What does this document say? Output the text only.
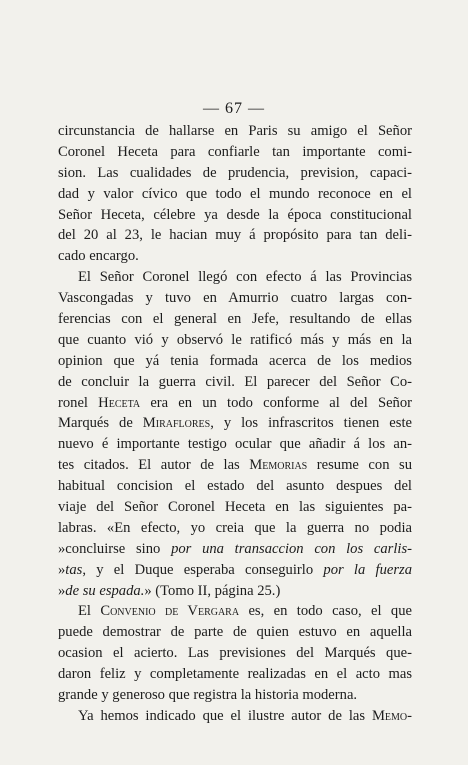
— 67 —
circunstancia de hallarse en Paris su amigo el Señor
Coronel Heceta para confiarle tan importante comi-
sion. Las cualidades de prudencia, prevision, capaci-
dad y valor cívico que todo el mundo reconoce en el
Señor Heceta, célebre ya desde la época constitucional
del 20 al 23, le hacian muy á propósito para tan deli-
cado encargo.
El Señor Coronel llegó con efecto á las Provincias
Vascongadas y tuvo en Amurrio cuatro largas con-
ferencias con el general en Jefe, resultando de ellas
que cuanto vió y observó le ratificó más y más en la
opinion que yá tenia formada acerca de los medios
de concluir la guerra civil. El parecer del Señor Co-
ronel Heceta era en un todo conforme al del Señor
Marqués de Miraflores, y los infrascritos tienen este
nuevo é importante testigo ocular que añadir á los an-
tes citados. El autor de las Memorias resume con su
habitual concision el estado del asunto despues del
viaje del Señor Coronel Heceta en las siguientes pa-
labras. «En efecto, yo creia que la guerra no podia
»concluirse sino por una transaccion con los carlis-
»tas, y el Duque esperaba conseguirlo por la fuerza
»de su espada.» (Tomo II, página 25.)
El Convenio de Vergara es, en todo caso, el que
puede demostrar de parte de quien estuvo en aquella
ocasion el acierto. Las previsiones del Marqués que-
daron feliz y completamente realizadas en el acto mas
grande y generoso que registra la historia moderna.
Ya hemos indicado que el ilustre autor de las Memo-
